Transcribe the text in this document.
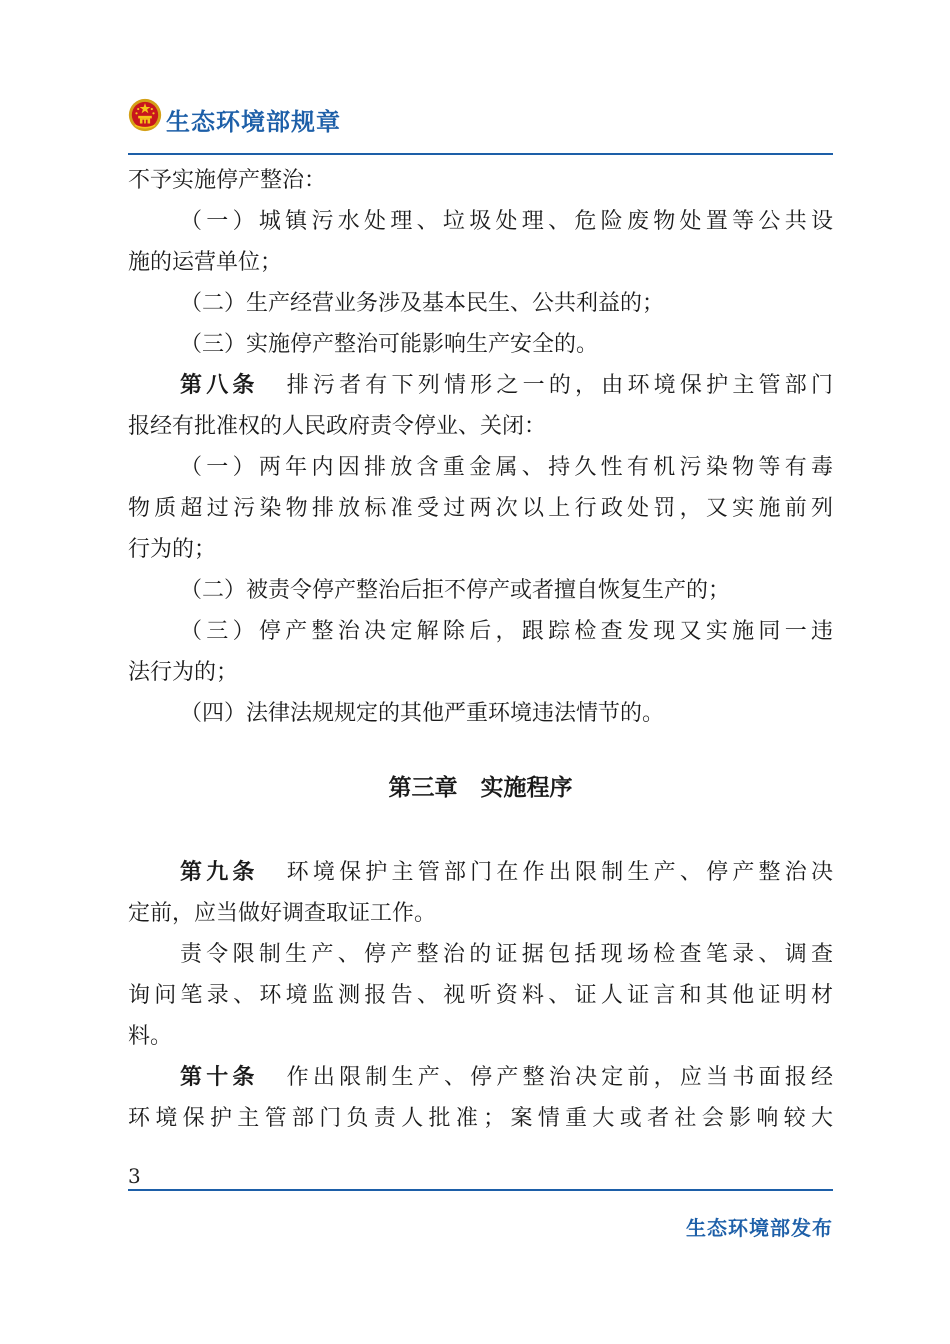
生态环境部规章
不予实施停产整治：
（一）城镇污水处理、垃圾处理、危险废物处置等公共设
施的运营单位；
（二）生产经营业务涉及基本民生、公共利益的；
（三）实施停产整治可能影响生产安全的。
第八条 排污者有下列情形之一的，由环境保护主管部门
报经有批准权的人民政府责令停业、关闭：
（一）两年内因排放含重金属、持久性有机污染物等有毒
物质超过污染物排放标准受过两次以上行政处罚，又实施前列
行为的；
（二）被责令停产整治后拒不停产或者擅自恢复生产的；
（三）停产整治决定解除后，跟踪检查发现又实施同一违
法行为的；
（四）法律法规规定的其他严重环境违法情节的。
第三章　实施程序
第九条 环境保护主管部门在作出限制生产、停产整治决
定前，应当做好调查取证工作。
责令限制生产、停产整治的证据包括现场检查笔录、调查
询问笔录、环境监测报告、视听资料、证人证言和其他证明材
料。
第十条 作出限制生产、停产整治决定前，应当书面报经
环境保护主管部门负责人批准；案情重大或者社会影响较大
3
生态环境部发布
